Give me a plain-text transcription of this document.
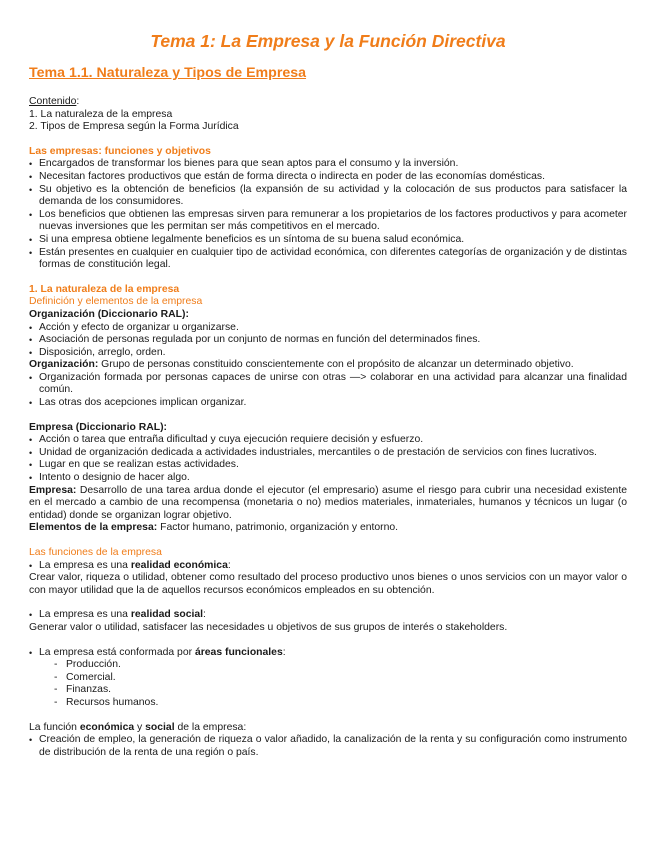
Tema 1: La Empresa y la Función Directiva
Tema 1.1. Naturaleza y Tipos de Empresa

Contenido:

1. La naturaleza de la empresa
2. Tipos de Empresa según la Forma Jurídica

Las empresas: funciones y objetivos

• Encargados de transformar los bienes para que sean aptos para el consumo y la inversión.
• Necesitan factores productivos que están de forma directa o indirecta en poder de las economías domésticas.
• Su objetivo es la obtención de beneficios (la expansión de su actividad y la colocación de sus productos para satisfacer la demanda de los consumidores.
• Los beneficios que obtienen las empresas sirven para remunerar a los propietarios de los factores productivos y para acometer nuevas inversiones que les permitan ser más competitivos en el mercado.
• Si una empresa obtiene legalmente beneficios es un síntoma de su buena salud económica.
• Están presentes en cualquier en cualquier tipo de actividad económica, con diferentes categorías de organización y de distintas formas de constitución legal.

1. La naturaleza de la empresa

Definición y elementos de la empresa

Organización (Diccionario RAL):

• Acción y efecto de organizar u organizarse.
• Asociación de personas regulada por un conjunto de normas en función del determinados fines.
• Disposición, arreglo, orden.

Organización: Grupo de personas constituido conscientemente con el propósito de alcanzar un determinado objetivo.

• Organización formada por personas capaces de unirse con otras —> colaborar en una actividad para alcanzar una finalidad común.
• Las otras dos acepciones implican organizar.

Empresa (Diccionario RAL):

• Acción o tarea que entraña dificultad y cuya ejecución requiere decisión y esfuerzo.
• Unidad de organización dedicada a actividades industriales, mercantiles o de prestación de servicios con fines lucrativos.
• Lugar en que se realizan estas actividades.
• Intento o designio de hacer algo.

Empresa: Desarrollo de una tarea ardua donde el ejecutor (el empresario) asume el riesgo para cubrir una necesidad existente en el mercado a cambio de una recompensa (monetaria o no) medios materiales, inmateriales, humanos y técnicos un lugar (o entidad) donde se organizan lograr objetivo.

Elementos de la empresa: Factor humano, patrimonio, organización y entorno.

Las funciones de la empresa

• La empresa es una realidad económica:

Crear valor, riqueza o utilidad, obtener como resultado del proceso productivo unos bienes o unos servicios con un mayor valor o con mayor utilidad que la de aquellos recursos económicos empleados en su obtención.

• La empresa es una realidad social:

Generar valor o utilidad, satisfacer las necesidades u objetivos de sus grupos de interés o stakeholders.

• La empresa está conformada por áreas funcionales:
- Producción.
- Comercial.
- Finanzas.
- Recursos humanos.

La función económica y social de la empresa:

• Creación de empleo, la generación de riqueza o valor añadido, la canalización de la renta y su configuración como instrumento de distribución de la renta de una región o país.
